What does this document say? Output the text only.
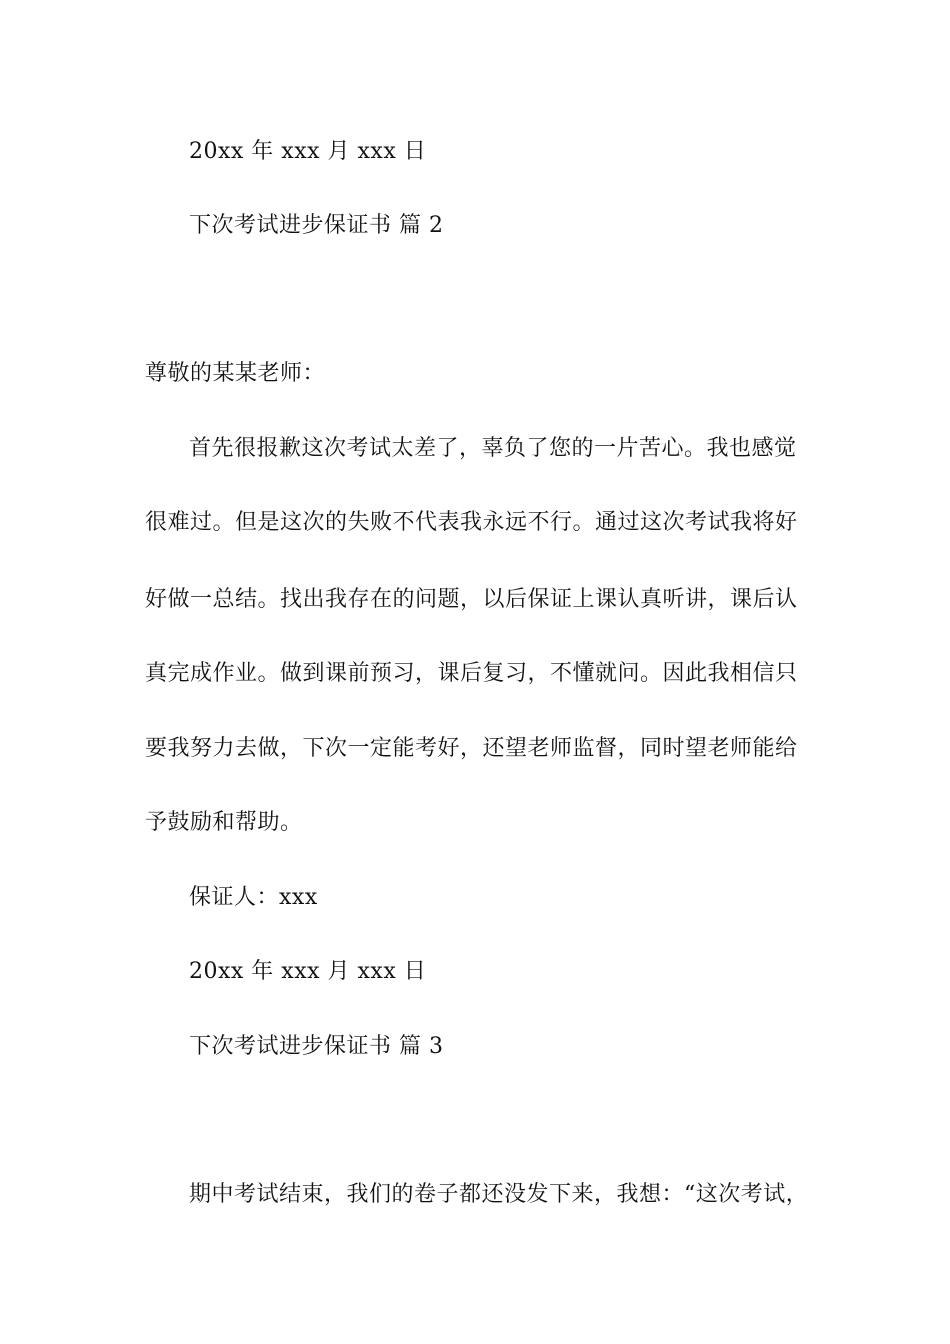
20xx 年 xxx 月 xxx 日

下次考试进步保证书 篇 2

尊敬的某某老师：

首先很报歉这次考试太差了，辜负了您的一片苦心。我也感觉

很难过。但是这次的失败不代表我永远不行。通过这次考试我将好

好做一总结。找出我存在的问题，以后保证上课认真听讲，课后认

真完成作业。做到课前预习，课后复习，不懂就问。因此我相信只

要我努力去做，下次一定能考好，还望老师监督，同时望老师能给

予鼓励和帮助。

保证人：xxx

20xx 年 xxx 月 xxx 日

下次考试进步保证书 篇 3

期中考试结束，我们的卷子都还没发下来，我想：“这次考试，
